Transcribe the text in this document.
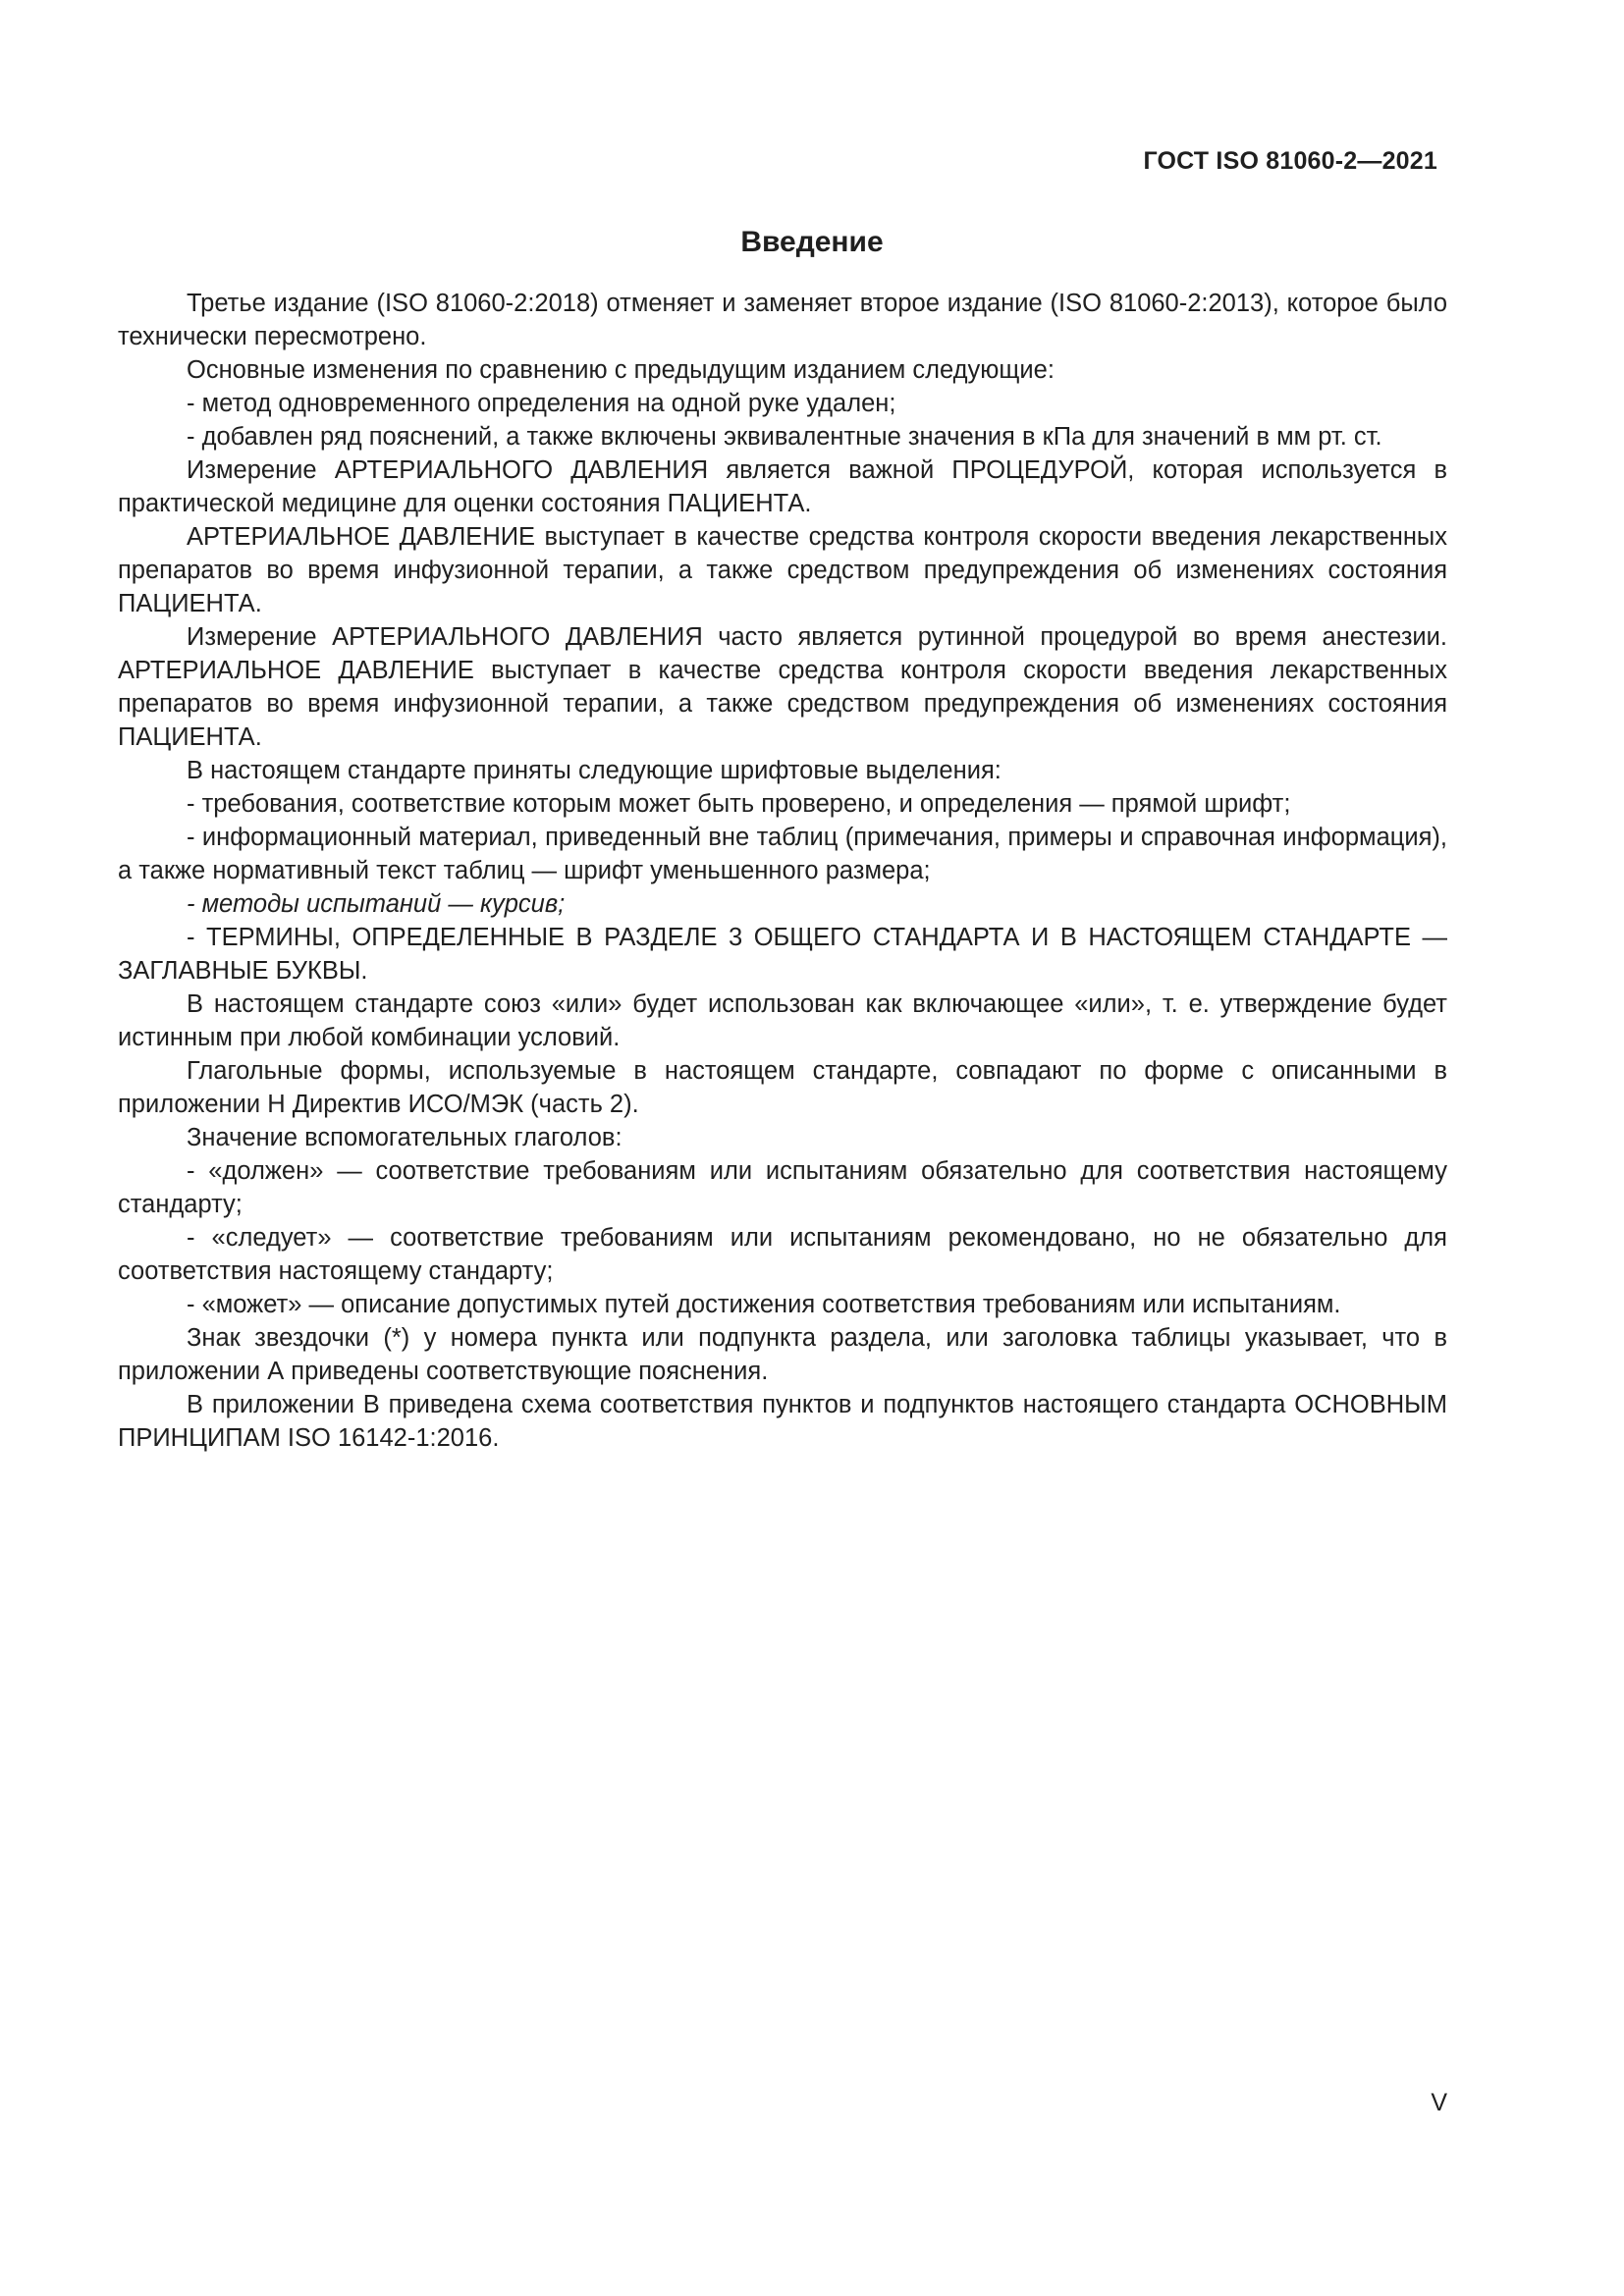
ГОСТ ISO 81060-2—2021
Введение

Третье издание (ISO 81060-2:2018) отменяет и заменяет второе издание (ISO 81060-2:2013), которое было технически пересмотрено.

Основные изменения по сравнению с предыдущим изданием следующие:

- метод одновременного определения на одной руке удален;

- добавлен ряд пояснений, а также включены эквивалентные значения в кПа для значений в мм рт. ст.

Измерение АРТЕРИАЛЬНОГО ДАВЛЕНИЯ является важной ПРОЦЕДУРОЙ, которая используется в практической медицине для оценки состояния ПАЦИЕНТА.

АРТЕРИАЛЬНОЕ ДАВЛЕНИЕ выступает в качестве средства контроля скорости введения лекарственных препаратов во время инфузионной терапии, а также средством предупреждения об изменениях состояния ПАЦИЕНТА.

Измерение АРТЕРИАЛЬНОГО ДАВЛЕНИЯ часто является рутинной процедурой во время анестезии. АРТЕРИАЛЬНОЕ ДАВЛЕНИЕ выступает в качестве средства контроля скорости введения лекарственных препаратов во время инфузионной терапии, а также средством предупреждения об изменениях состояния ПАЦИЕНТА.

В настоящем стандарте приняты следующие шрифтовые выделения:

- требования, соответствие которым может быть проверено, и определения — прямой шрифт;

- информационный материал, приведенный вне таблиц (примечания, примеры и справочная информация), а также нормативный текст таблиц — шрифт уменьшенного размера;

- методы испытаний — курсив;

- ТЕРМИНЫ, ОПРЕДЕЛЕННЫЕ В РАЗДЕЛЕ 3 ОБЩЕГО СТАНДАРТА И В НАСТОЯЩЕМ СТАНДАРТЕ — ЗАГЛАВНЫЕ БУКВЫ.

В настоящем стандарте союз «или» будет использован как включающее «или», т. е. утверждение будет истинным при любой комбинации условий.

Глагольные формы, используемые в настоящем стандарте, совпадают по форме с описанными в приложении Н Директив ИСО/МЭК (часть 2).

Значение вспомогательных глаголов:

- «должен» — соответствие требованиям или испытаниям обязательно для соответствия настоящему стандарту;

- «следует» — соответствие требованиям или испытаниям рекомендовано, но не обязательно для соответствия настоящему стандарту;

- «может» — описание допустимых путей достижения соответствия требованиям или испытаниям.

Знак звездочки (*) у номера пункта или подпункта раздела, или заголовка таблицы указывает, что в приложении А приведены соответствующие пояснения.

В приложении В приведена схема соответствия пунктов и подпунктов настоящего стандарта ОСНОВНЫМ ПРИНЦИПАМ ISO 16142-1:2016.

V
